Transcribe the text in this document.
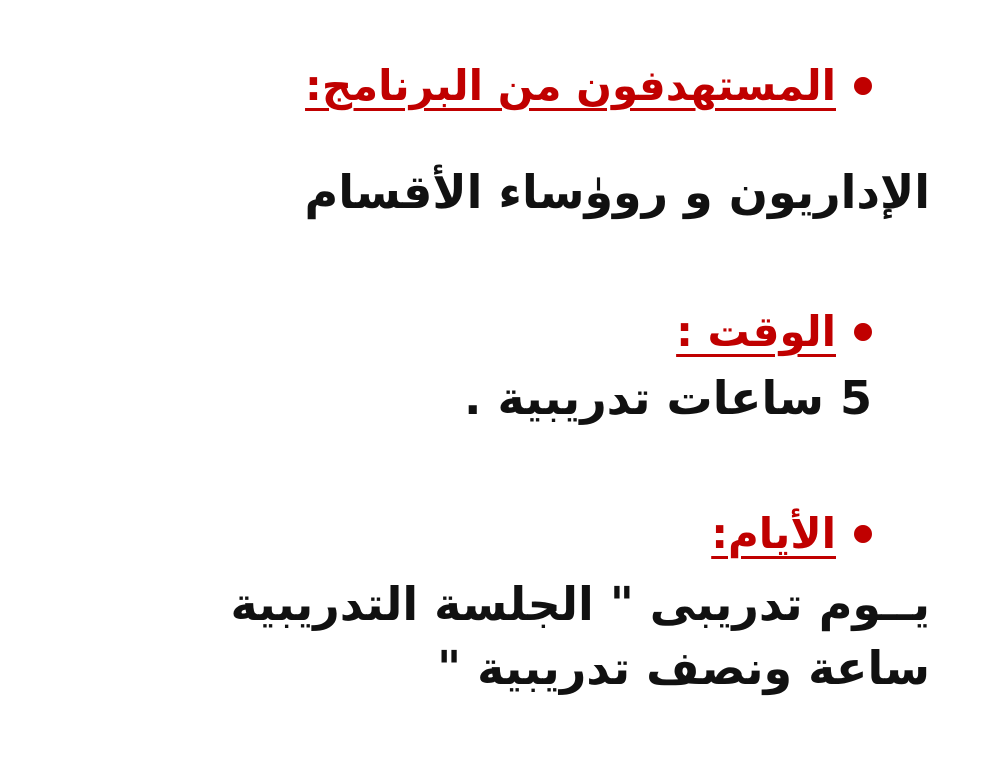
المستهدفون من البرنامج:
الإداريون و رووٰساء الأقسام
الوقت :
5 ساعات تدريبية .
الأيام:
يــوم تدريبى " الجلسة التدريبية
ساعة ونصف تدريبية "
